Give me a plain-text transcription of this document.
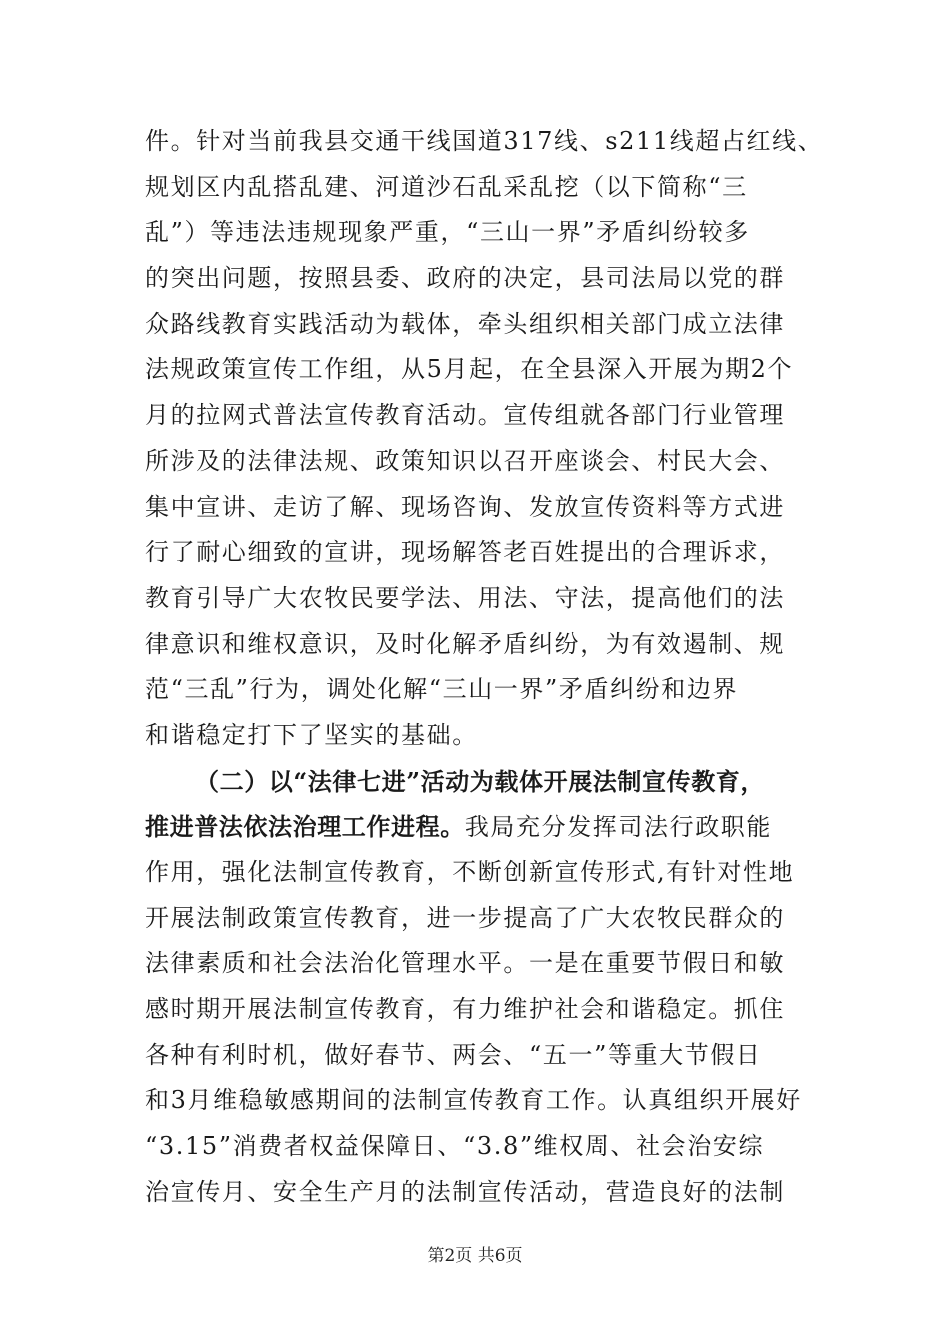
件。针对当前我县交通干线国道317线、s211线超占红线、
规划区内乱搭乱建、河道沙石乱采乱挖（以下简称“三
乱”）等违法违规现象严重，“三山一界”矛盾纠纷较多
的突出问题，按照县委、政府的决定，县司法局以党的群
众路线教育实践活动为载体，牵头组织相关部门成立法律
法规政策宣传工作组，从5月起，在全县深入开展为期2个
月的拉网式普法宣传教育活动。宣传组就各部门行业管理
所涉及的法律法规、政策知识以召开座谈会、村民大会、
集中宣讲、走访了解、现场咨询、发放宣传资料等方式进
行了耐心细致的宣讲，现场解答老百姓提出的合理诉求，
教育引导广大农牧民要学法、用法、守法，提高他们的法
律意识和维权意识，及时化解矛盾纠纷，为有效遏制、规
范“三乱”行为，调处化解“三山一界”矛盾纠纷和边界
和谐稳定打下了坚实的基础。
（二）以“法律七进”活动为载体开展法制宣传教育，
推进普法依法治理工作进程。我局充分发挥司法行政职能
作用，强化法制宣传教育，不断创新宣传形式,有针对性地
开展法制政策宣传教育，进一步提高了广大农牧民群众的
法律素质和社会法治化管理水平。一是在重要节假日和敏
感时期开展法制宣传教育，有力维护社会和谐稳定。抓住
各种有利时机，做好春节、两会、“五一”等重大节假日
和3月维稳敏感期间的法制宣传教育工作。认真组织开展好
“3.15”消费者权益保障日、“3.8”维权周、社会治安综
治宣传月、安全生产月的法制宣传活动，营造良好的法制
第2页 共6页
